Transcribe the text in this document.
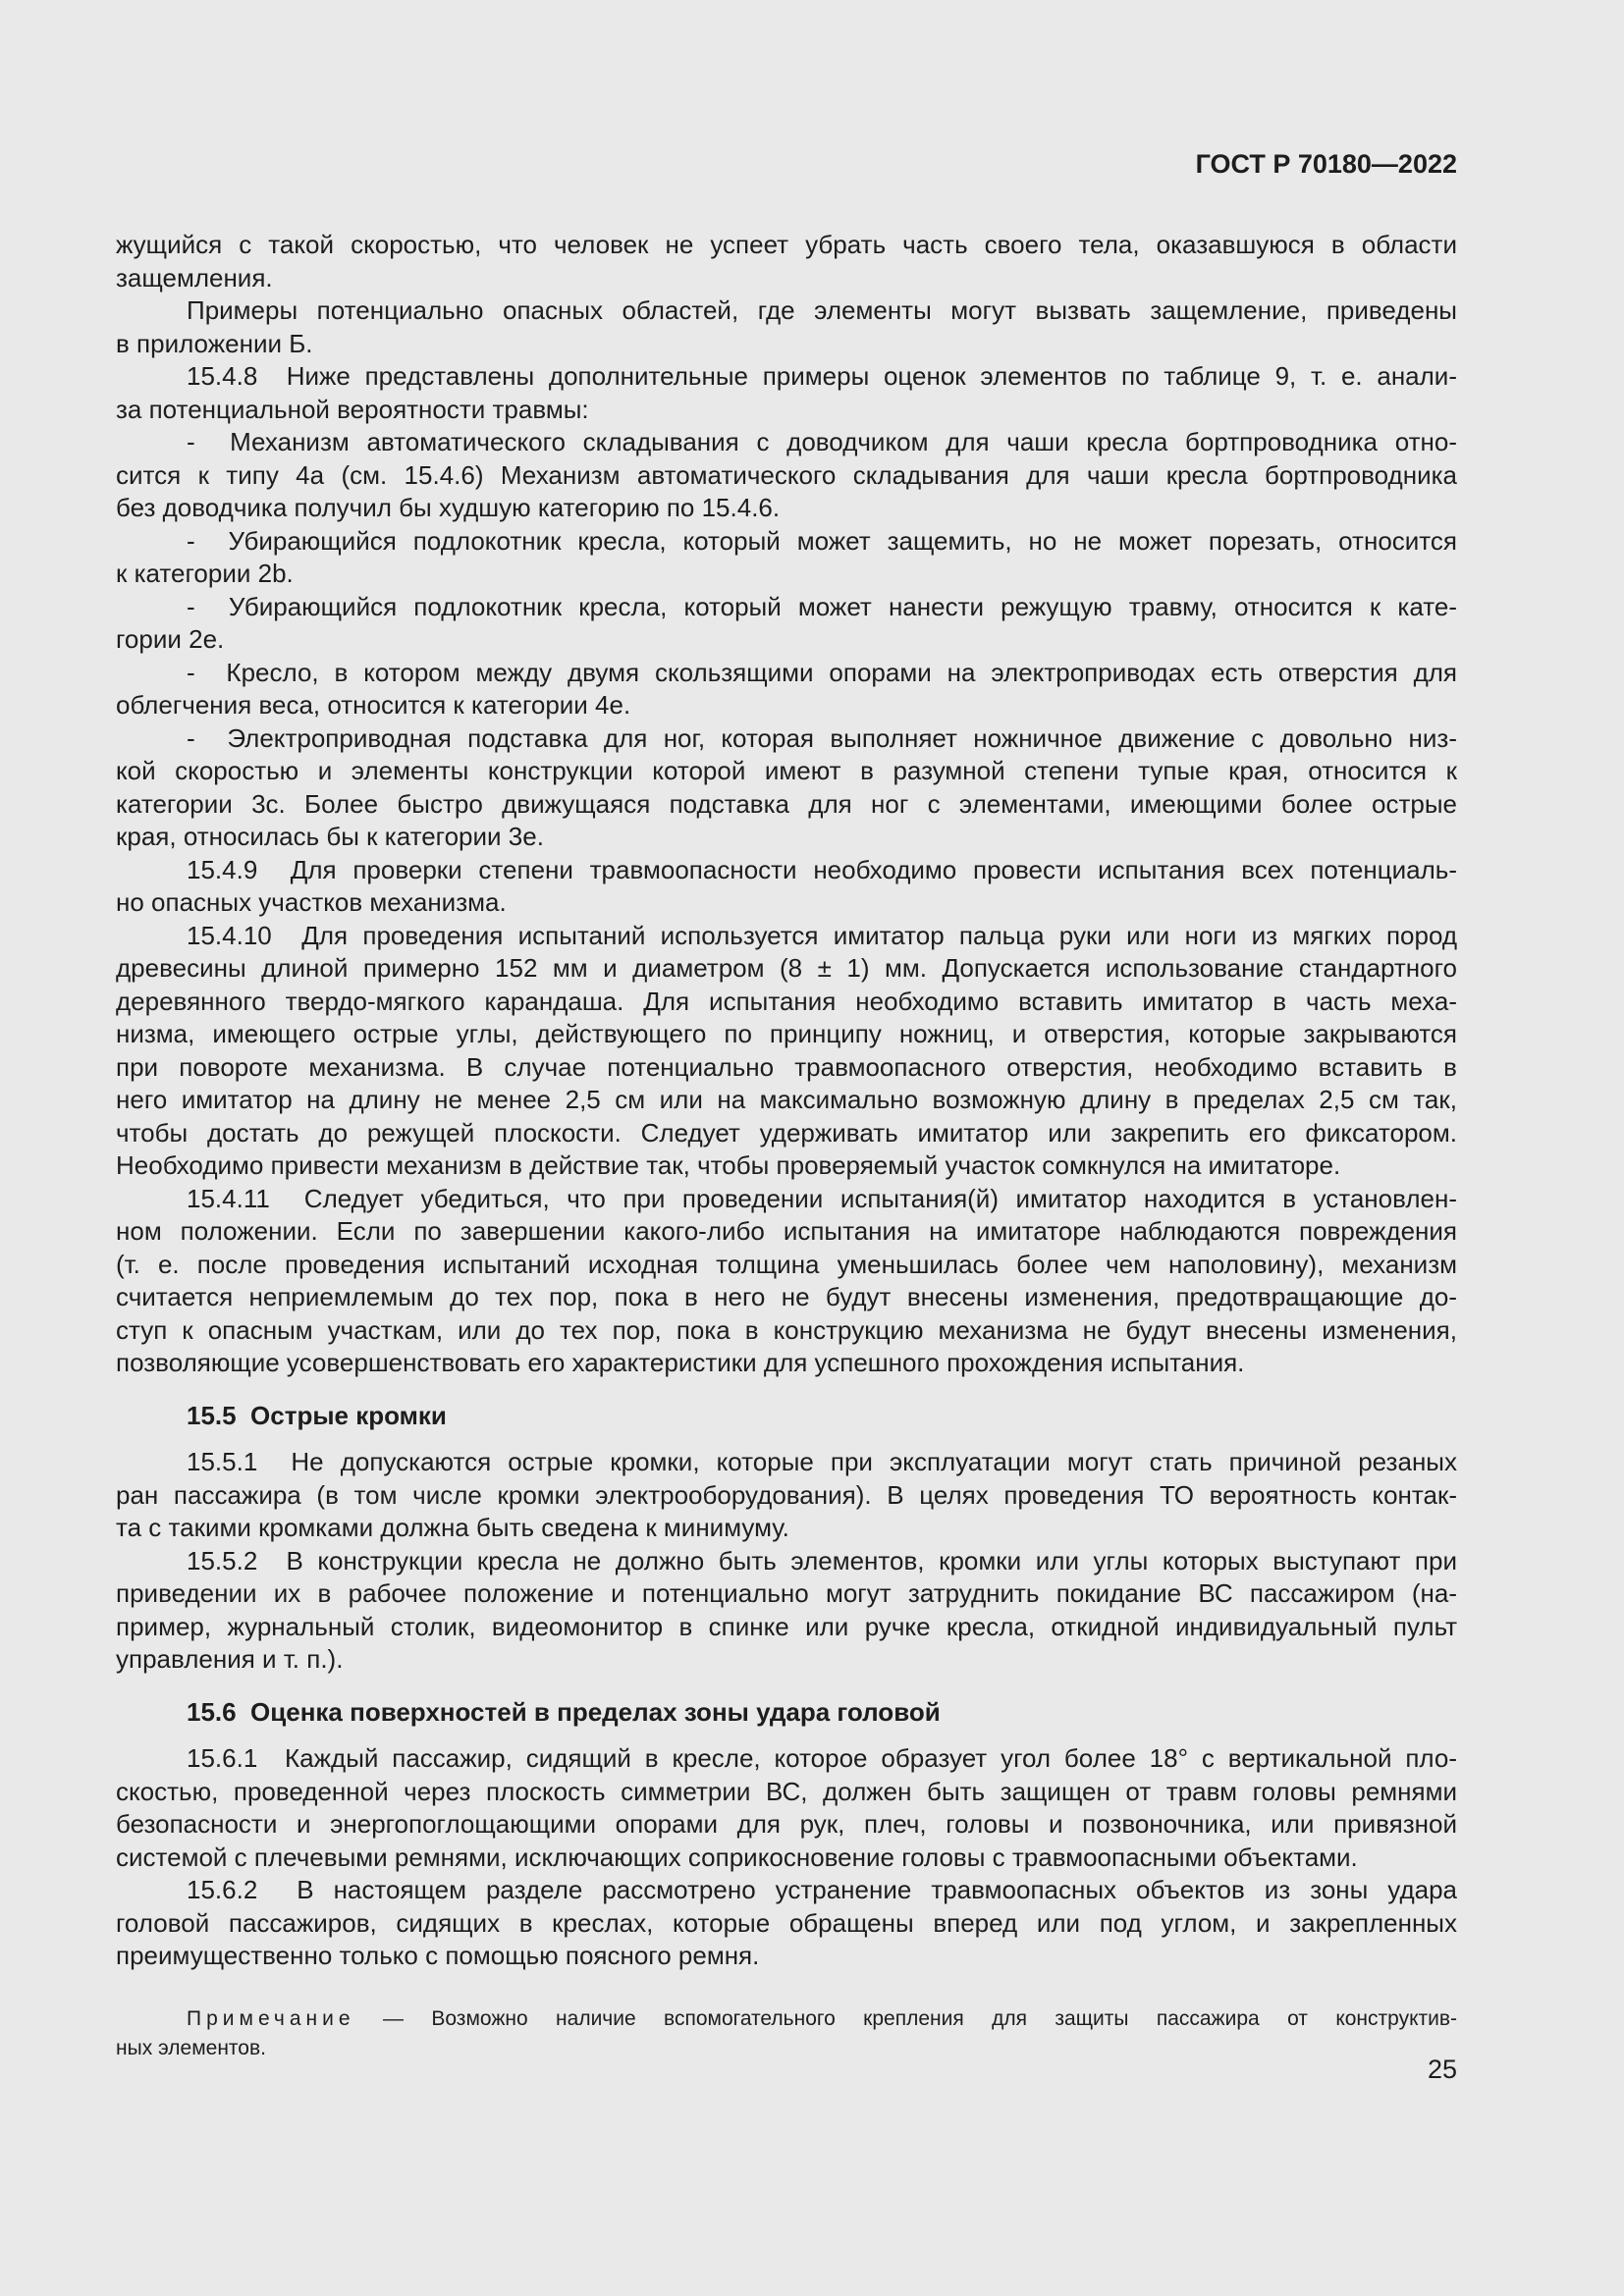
ГОСТ Р 70180—2022
жущийся с такой скоростью, что человек не успеет убрать часть своего тела, оказавшуюся в области
защемления.
Примеры потенциально опасных областей, где элементы могут вызвать защемление, приведены
в приложении Б.
15.4.8  Ниже представлены дополнительные примеры оценок элементов по таблице 9, т. е. анали-
за потенциальной вероятности травмы:
-  Механизм автоматического складывания с доводчиком для чаши кресла бортпроводника отно-
сится к типу 4a (см. 15.4.6) Механизм автоматического складывания для чаши кресла бортпроводника
без доводчика получил бы худшую категорию по 15.4.6.
-  Убирающийся подлокотник кресла, который может защемить, но не может порезать, относится
к категории 2b.
-  Убирающийся подлокотник кресла, который может нанести режущую травму, относится к кате-
гории 2e.
-  Кресло, в котором между двумя скользящими опорами на электроприводах есть отверстия для
облегчения веса, относится к категории 4e.
-  Электроприводная подставка для ног, которая выполняет ножничное движение с довольно низ-
кой скоростью и элементы конструкции которой имеют в разумной степени тупые края, относится к
категории 3c. Более быстро движущаяся подставка для ног с элементами, имеющими более острые
края, относилась бы к категории 3e.
15.4.9  Для проверки степени травмоопасности необходимо провести испытания всех потенциаль-
но опасных участков механизма.
15.4.10  Для проведения испытаний используется имитатор пальца руки или ноги из мягких пород
древесины длиной примерно 152 мм и диаметром (8 ± 1) мм. Допускается использование стандартного
деревянного твердо-мягкого карандаша. Для испытания необходимо вставить имитатор в часть меха-
низма, имеющего острые углы, действующего по принципу ножниц, и отверстия, которые закрываются
при повороте механизма. В случае потенциально травмоопасного отверстия, необходимо вставить в
него имитатор на длину не менее 2,5 см или на максимально возможную длину в пределах 2,5 см так,
чтобы достать до режущей плоскости. Следует удерживать имитатор или закрепить его фиксатором.
Необходимо привести механизм в действие так, чтобы проверяемый участок сомкнулся на имитаторе.
15.4.11  Следует убедиться, что при проведении испытания(й) имитатор находится в установлен-
ном положении. Если по завершении какого-либо испытания на имитаторе наблюдаются повреждения
(т. е. после проведения испытаний исходная толщина уменьшилась более чем наполовину), механизм
считается неприемлемым до тех пор, пока в него не будут внесены изменения, предотвращающие до-
ступ к опасным участкам, или до тех пор, пока в конструкцию механизма не будут внесены изменения,
позволяющие усовершенствовать его характеристики для успешного прохождения испытания.
15.5  Острые кромки
15.5.1  Не допускаются острые кромки, которые при эксплуатации могут стать причиной резаных
ран пассажира (в том числе кромки электрооборудования). В целях проведения ТО вероятность контак-
та с такими кромками должна быть сведена к минимуму.
15.5.2  В конструкции кресла не должно быть элементов, кромки или углы которых выступают при
приведении их в рабочее положение и потенциально могут затруднить покидание ВС пассажиром (на-
пример, журнальный столик, видеомонитор в спинке или ручке кресла, откидной индивидуальный пульт
управления и т. п.).
15.6  Оценка поверхностей в пределах зоны удара головой
15.6.1  Каждый пассажир, сидящий в кресле, которое образует угол более 18° с вертикальной пло-
скостью, проведенной через плоскость симметрии ВС, должен быть защищен от травм головы ремнями
безопасности и энергопоглощающими опорами для рук, плеч, головы и позвоночника, или привязной
системой с плечевыми ремнями, исключающих соприкосновение головы с травмоопасными объектами.
15.6.2  В настоящем разделе рассмотрено устранение травмоопасных объектов из зоны удара
головой пассажиров, сидящих в креслах, которые обращены вперед или под углом, и закрепленных
преимущественно только с помощью поясного ремня.
Примечание — Возможно наличие вспомогательного крепления для защиты пассажира от конструктив-
ных элементов.
25
